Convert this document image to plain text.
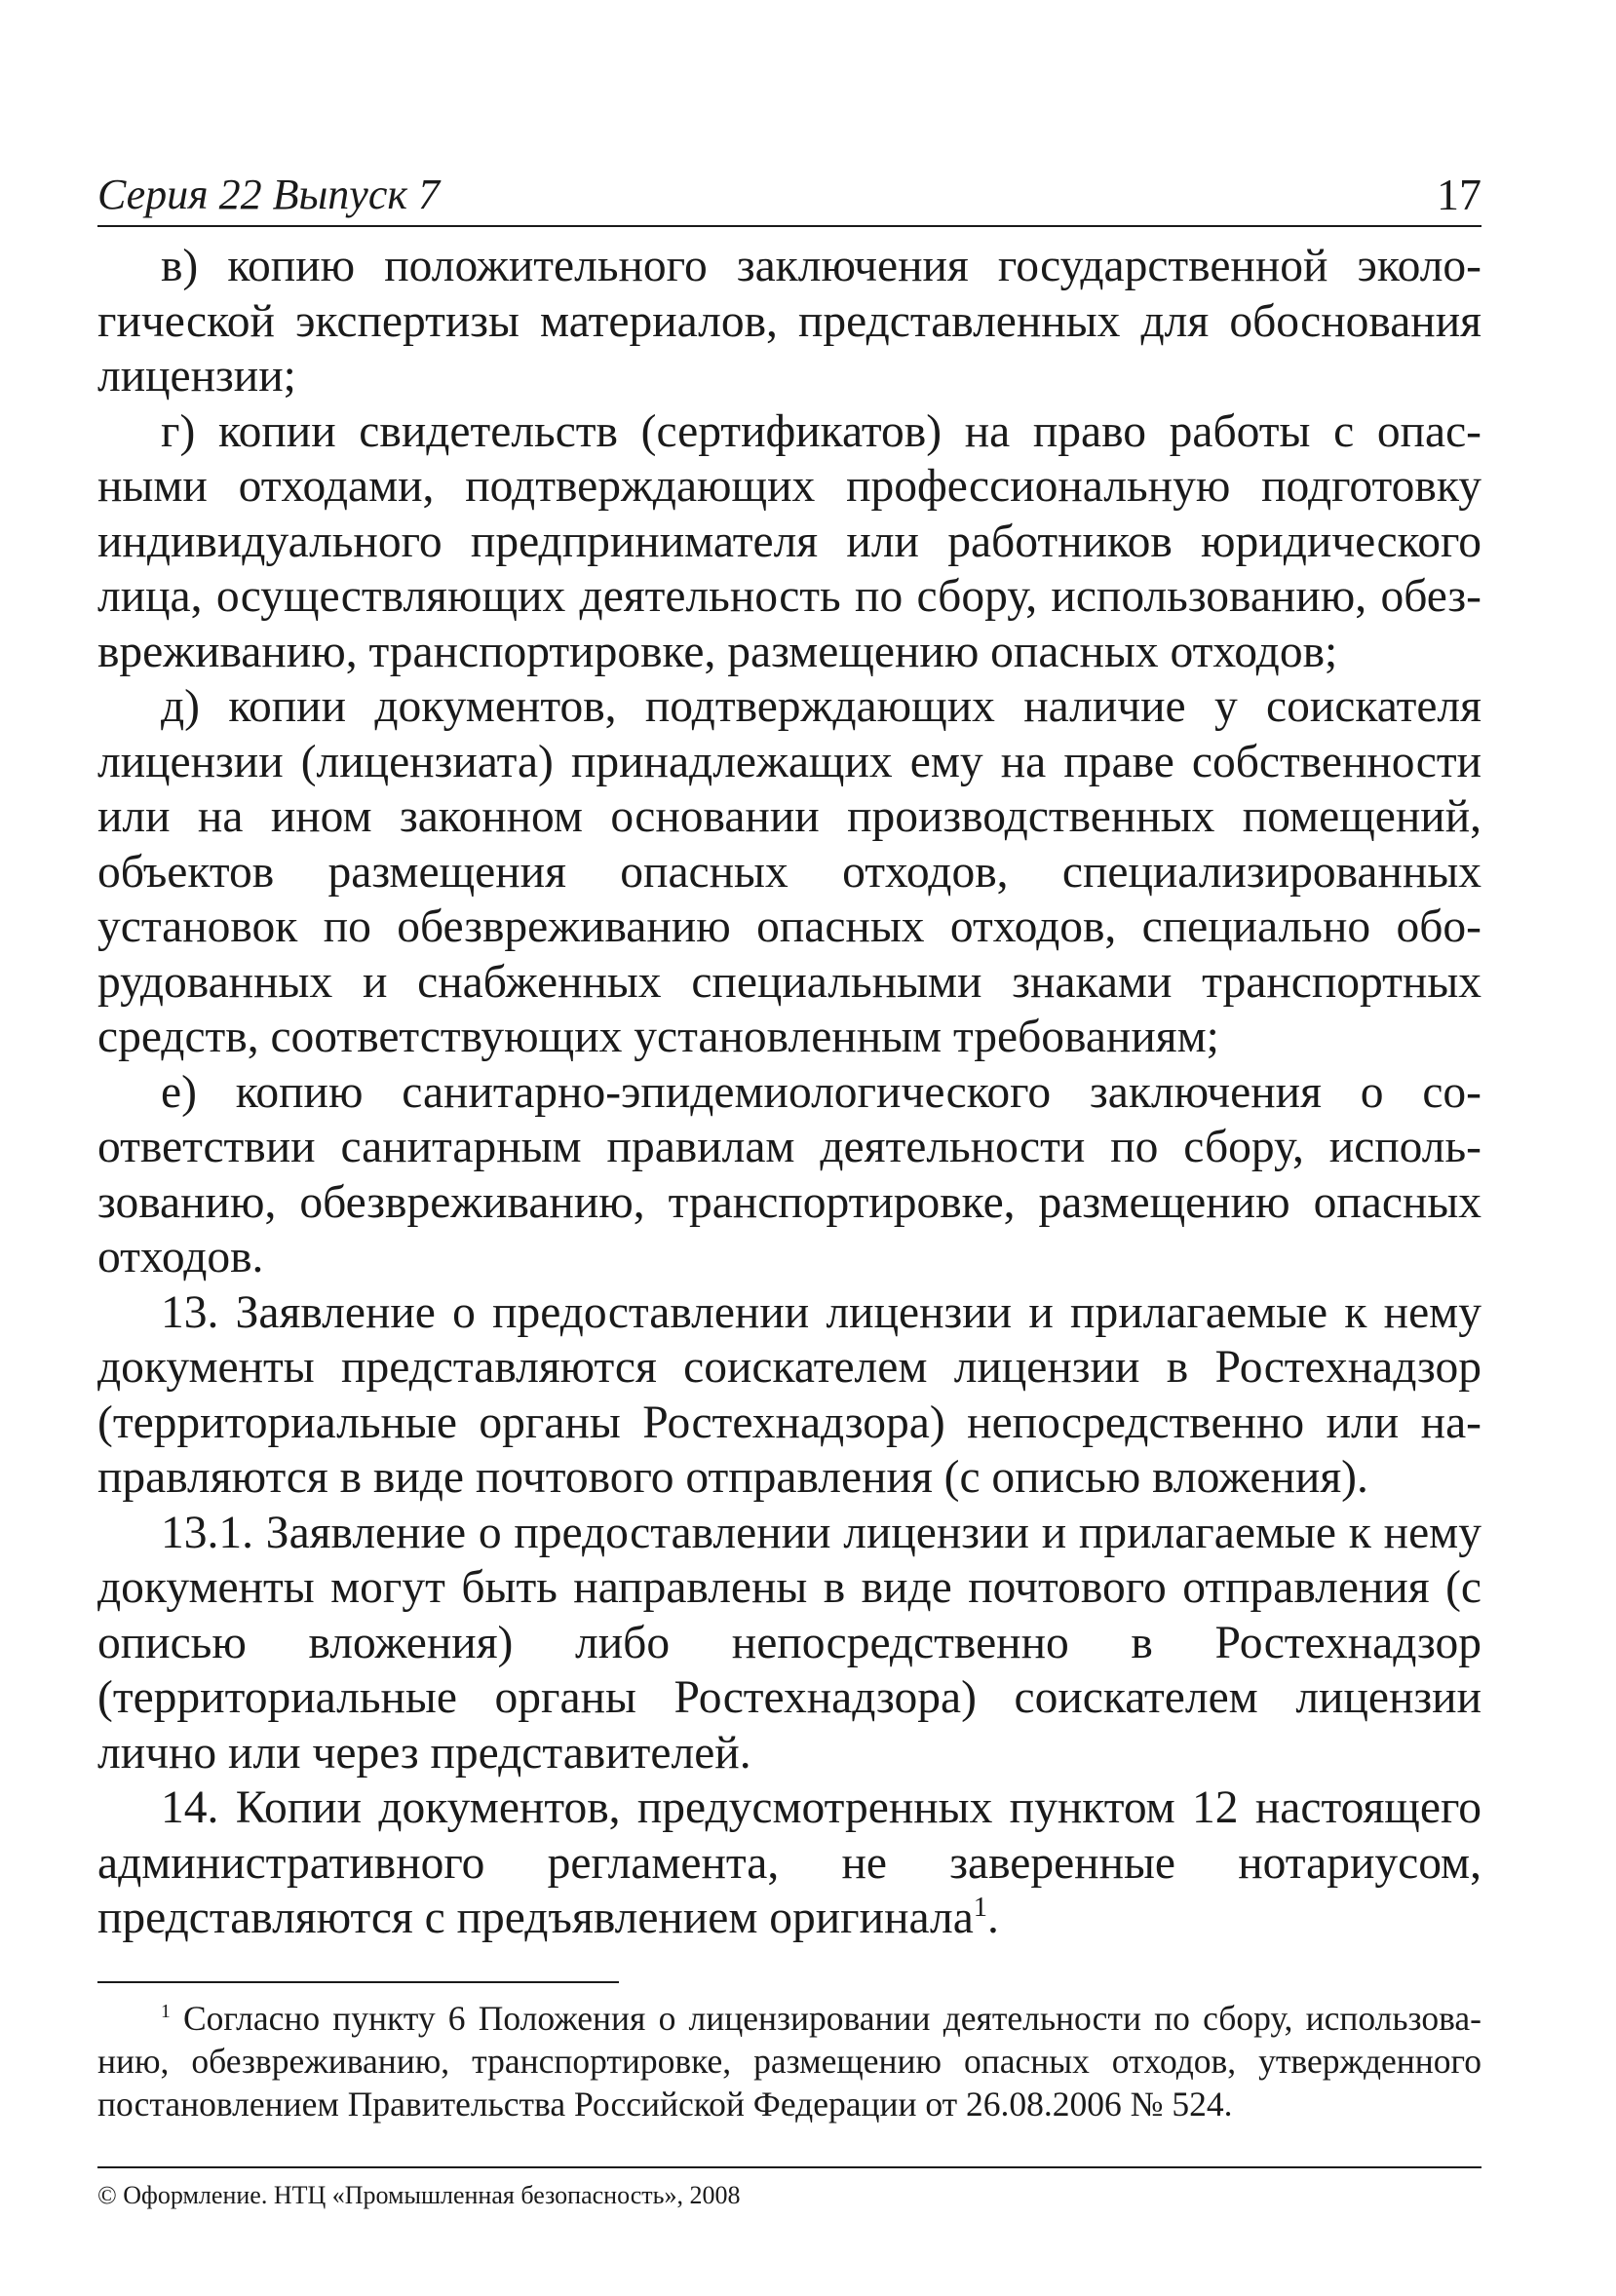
Серия 22 Выпуск 7	17

в) копию положительного заключения государственной экологической экспертизы материалов, представленных для обоснования лицензии;

г) копии свидетельств (сертификатов) на право работы с опасными отходами, подтверждающих профессиональную подготовку индивидуального предпринимателя или работников юридического лица, осуществляющих деятельность по сбору, использованию, обезвреживанию, транспортировке, размещению опасных отходов;

д) копии документов, подтверждающих наличие у соискателя лицензии (лицензиата) принадлежащих ему на праве собственности или на ином законном основании производственных помещений, объектов размещения опасных отходов, специализированных установок по обезвреживанию опасных отходов, специально оборудованных и снабженных специальными знаками транспортных средств, соответствующих установленным требованиям;

е) копию санитарно-эпидемиологического заключения о соответствии санитарным правилам деятельности по сбору, использованию, обезвреживанию, транспортировке, размещению опасных отходов.

13. Заявление о предоставлении лицензии и прилагаемые к нему документы представляются соискателем лицензии в Ростехнадзор (территориальные органы Ростехнадзора) непосредственно или направляются в виде почтового отправления (с описью вложения).

13.1. Заявление о предоставлении лицензии и прилагаемые к нему документы могут быть направлены в виде почтового отправления (с описью вложения) либо непосредственно в Ростехнадзор (территориальные органы Ростехнадзора) соискателем лицензии лично или через представителей.

14. Копии документов, предусмотренных пунктом 12 настоящего административного регламента, не заверенные нотариусом, представляются с предъявлением оригинала$^1$.

$^1$ Согласно пункту 6 Положения о лицензировании деятельности по сбору, использованию, обезвреживанию, транспортировке, размещению опасных отходов, утвержденного постановлением Правительства Российской Федерации от 26.08.2006 № 524.
© Оформление. НТЦ «Промышленная безопасность», 2008
